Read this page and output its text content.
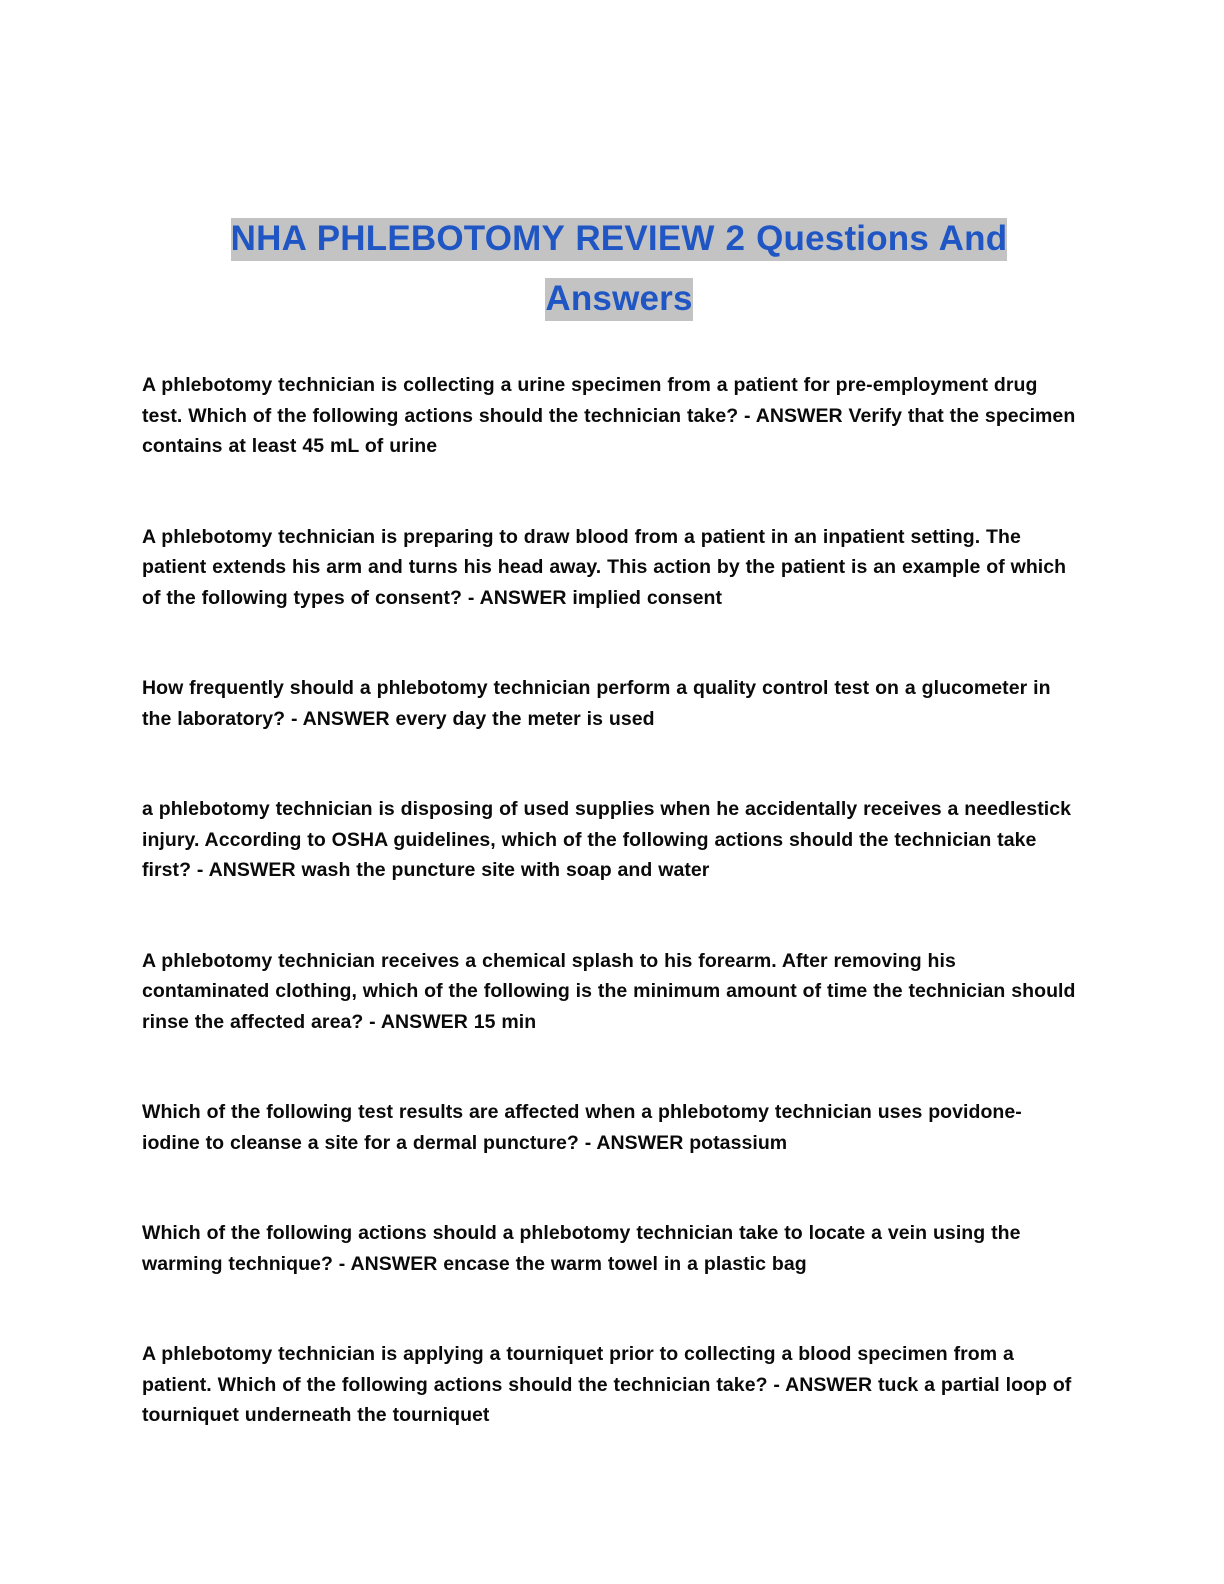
NHA PHLEBOTOMY REVIEW 2 Questions And
Answers

A phlebotomy technician is collecting a urine specimen from a patient for pre-employment drug test. Which of the following actions should the technician take? - ANSWER Verify that the specimen contains at least 45 mL of urine

A phlebotomy technician is preparing to draw blood from a patient in an inpatient setting. The patient extends his arm and turns his head away. This action by the patient is an example of which of the following types of consent? - ANSWER implied consent

How frequently should a phlebotomy technician perform a quality control test on a glucometer in the laboratory? - ANSWER every day the meter is used

a phlebotomy technician is disposing of used supplies when he accidentally receives a needlestick injury. According to OSHA guidelines, which of the following actions should the technician take first? - ANSWER wash the puncture site with soap and water

A phlebotomy technician receives a chemical splash to his forearm. After removing his contaminated clothing, which of the following is the minimum amount of time the technician should rinse the affected area? - ANSWER 15 min

Which of the following test results are affected when a phlebotomy technician uses povidone-iodine to cleanse a site for a dermal puncture? - ANSWER potassium

Which of the following actions should a phlebotomy technician take to locate a vein using the warming technique? - ANSWER encase the warm towel in a plastic bag

A phlebotomy technician is applying a tourniquet prior to collecting a blood specimen from a patient. Which of the following actions should the technician take? - ANSWER tuck a partial loop of tourniquet underneath the tourniquet
